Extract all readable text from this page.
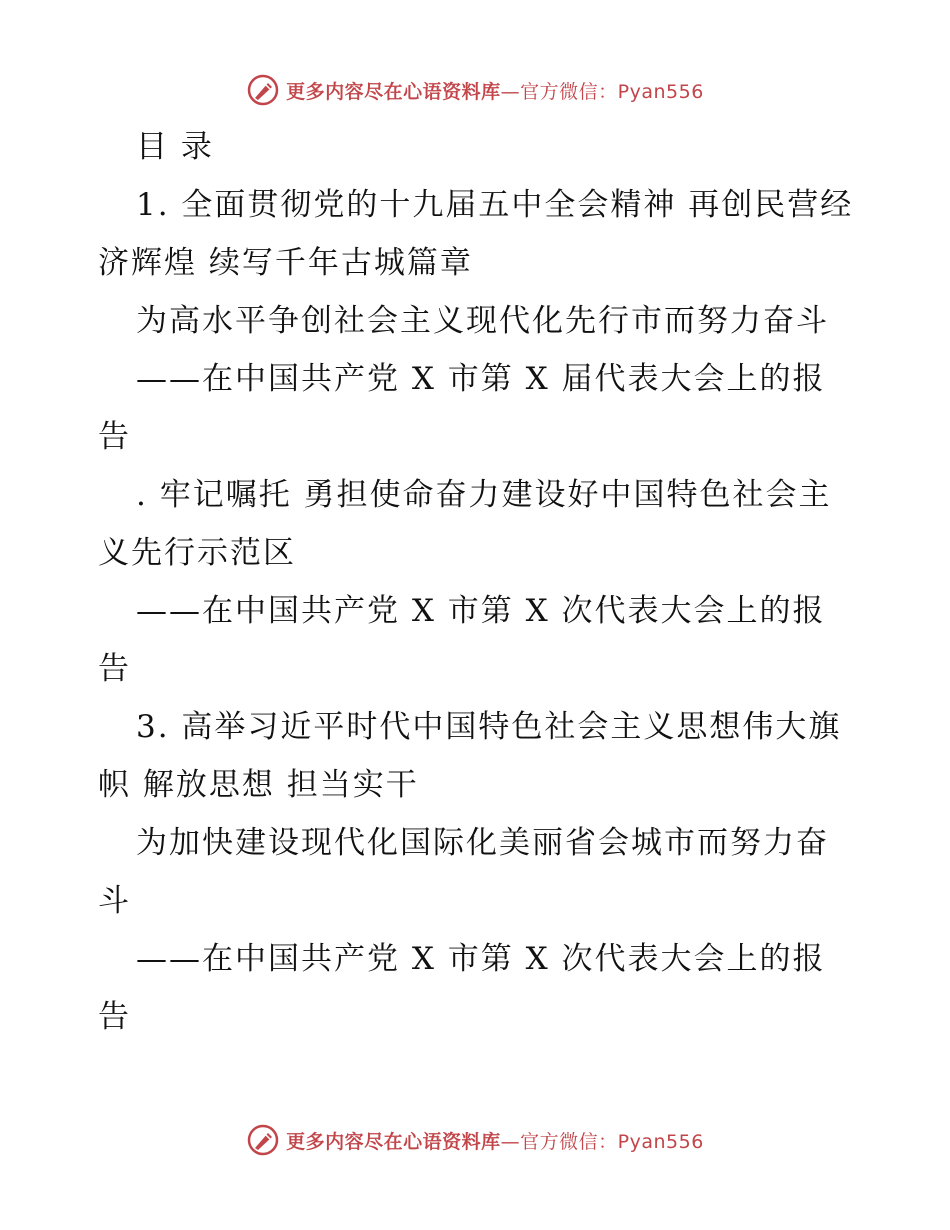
更多内容尽在心语资料库—官方微信：Pyan556

目 录

1. 全面贯彻党的十九届五中全会精神 再创民营经济辉煌 续写千年古城篇章

为高水平争创社会主义现代化先行市而努力奋斗

——在中国共产党 X 市第 X 届代表大会上的报告

. 牢记嘱托 勇担使命奋力建设好中国特色社会主义先行示范区

——在中国共产党 X 市第 X 次代表大会上的报告

3. 高举习近平时代中国特色社会主义思想伟大旗帜 解放思想 担当实干

为加快建设现代化国际化美丽省会城市而努力奋斗

——在中国共产党 X 市第 X 次代表大会上的报告

更多内容尽在心语资料库—官方微信：Pyan556
